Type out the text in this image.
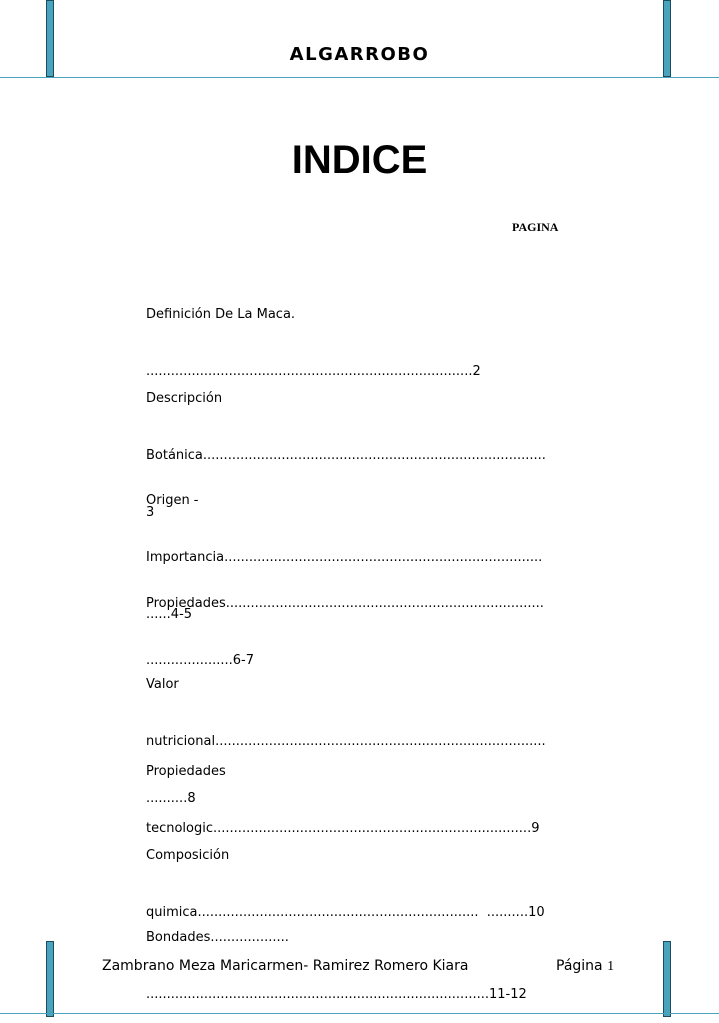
ALGARROBO
INDICE
PAGINA

Definición De La Maca.

...............................................................................2

Descripción

Botánica...................................................................................

3

Origen -

Importancia.............................................................................

......4-5

Propiedades.............................................................................

.....................6-7

Valor

nutricional................................................................................

..........8

Propiedades

tecnologic.............................................................................9

Composición

quimica....................................................................  ..........10

Bondades...................

...................................................................................11-12

Zambrano Meza Maricarmen- Ramirez Romero Kiara	Página 1
